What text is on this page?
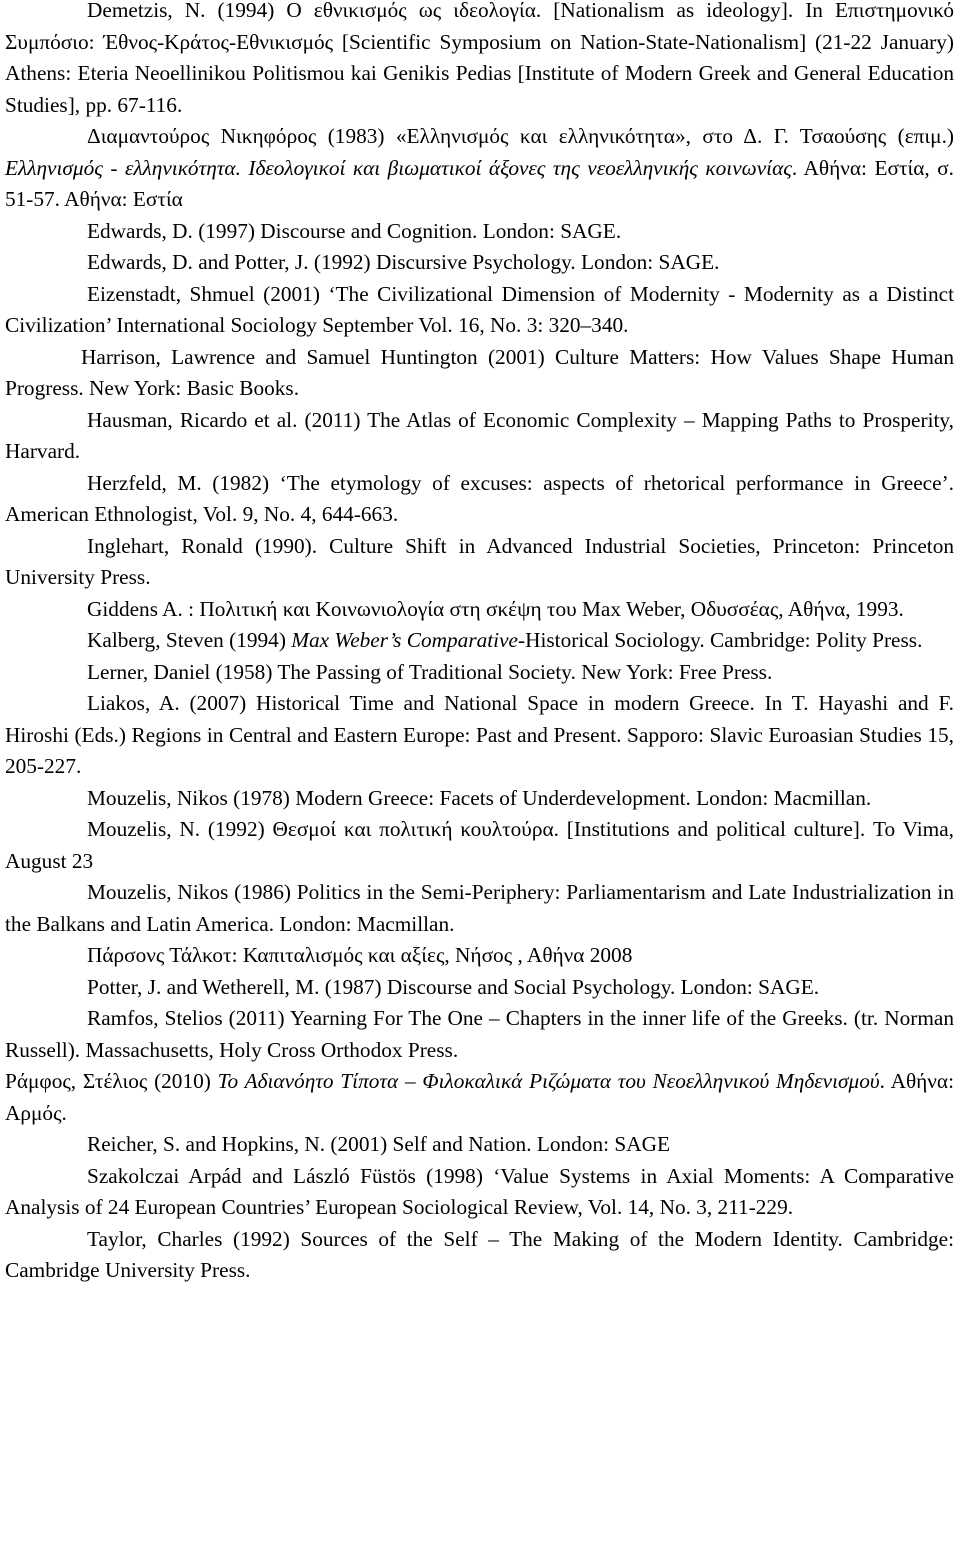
Demetzis, N. (1994) Ο εθνικισμός ως ιδεολογία. [Nationalism as ideology]. In Επιστημονικό Συμπόσιο: Έθνος-Κράτος-Εθνικισμός [Scientific Symposium on Nation-State-Nationalism] (21-22 January) Athens: Eteria Neoellinikou Politismou kai Genikis Pedias [Institute of Modern Greek and General Education Studies], pp. 67-116.

Διαμαντούρος Νικηφόρος (1983) «Ελληνισμός και ελληνικότητα», στο Δ. Γ. Τσαούσης (επιμ.) Ελληνισμός - ελληνικότητα. Ιδεολογικοί και βιωματικοί άξονες της νεοελληνικής κοινωνίας. Αθήνα: Εστία, σ. 51-57. Αθήνα: Εστία

Edwards, D. (1997) Discourse and Cognition. London: SAGE.

Edwards, D. and Potter, J. (1992) Discursive Psychology. London: SAGE.

Eizenstadt, Shmuel (2001) ‘The Civilizational Dimension of Modernity - Modernity as a Distinct Civilization’ International Sociology September Vol. 16, No. 3: 320–340.

Harrison, Lawrence and Samuel Huntington (2001) Culture Matters: How Values Shape Human Progress. New York: Basic Books.

Hausman, Ricardo et al. (2011) The Atlas of Economic Complexity – Mapping Paths to Prosperity, Harvard.

Herzfeld, M. (1982) ‘The etymology of excuses: aspects of rhetorical performance in Greece’. American Ethnologist, Vol. 9, No. 4, 644-663.

Inglehart, Ronald (1990). Culture Shift in Advanced Industrial Societies, Princeton: Princeton University Press.

Giddens A. : Πολιτική και Κοινωνιολογία στη σκέψη του Max Weber, Οδυσσέας, Αθήνα, 1993.

Kalberg, Steven (1994) Max Weber’s Comparative-Historical Sociology. Cambridge: Polity Press.

Lerner, Daniel (1958) The Passing of Traditional Society. New York: Free Press.

Liakos, A. (2007) Historical Time and National Space in modern Greece. In T. Hayashi and F. Hiroshi (Eds.) Regions in Central and Eastern Europe: Past and Present. Sapporo: Slavic Euroasian Studies 15, 205-227.

Mouzelis, Nikos (1978) Modern Greece: Facets of Underdevelopment. London: Macmillan.

Mouzelis, N. (1992) Θεσμοί και πολιτική κουλτούρα. [Institutions and political culture]. To Vima, August 23

Mouzelis, Nikos (1986) Politics in the Semi-Periphery: Parliamentarism and Late Industrialization in the Balkans and Latin America. London: Macmillan.

Πάρσονς Τάλκοτ: Καπιταλισμός και αξίες, Νήσος , Αθήνα 2008

Potter, J. and Wetherell, M. (1987) Discourse and Social Psychology. London: SAGE.

Ramfos, Stelios (2011) Yearning For The One – Chapters in the inner life of the Greeks. (tr. Norman Russell). Massachusetts, Holy Cross Orthodox Press.

Ράμφος, Στέλιος (2010) Το Αδιανόητο Τίποτα – Φιλοκαλικά Ριζώματα του Νεοελληνικού Μηδενισμού. Αθήνα: Αρμός.

Reicher, S. and Hopkins, N. (2001) Self and Nation. London: SAGE

Szakolczai Arpád and László Füstös (1998) ‘Value Systems in Axial Moments: A Comparative Analysis of 24 European Countries’ European Sociological Review, Vol. 14, No. 3, 211-229.

Taylor, Charles (1992) Sources of the Self – The Making of the Modern Identity. Cambridge: Cambridge University Press.
